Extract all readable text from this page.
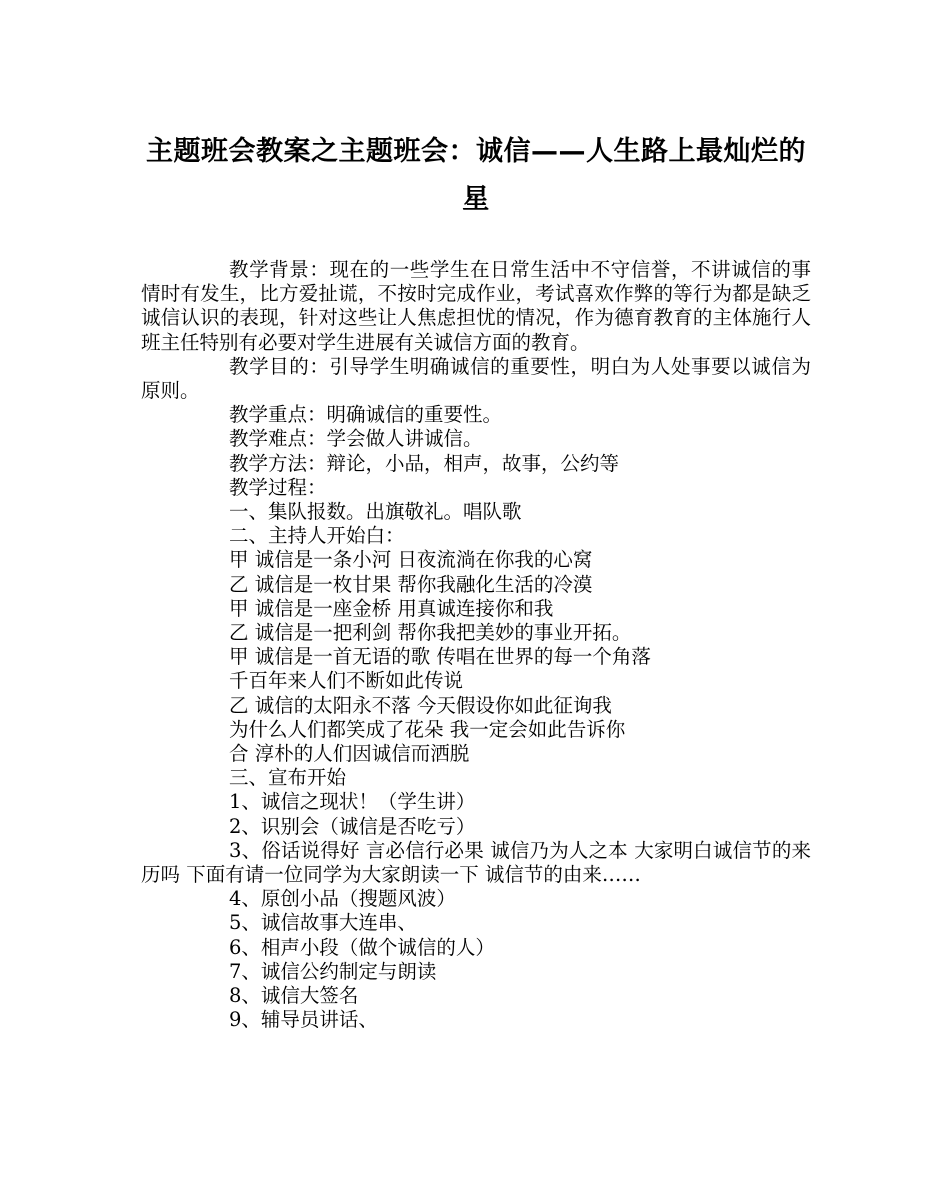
主题班会教案之主题班会：诚信——人生路上最灿烂的星

教学背景：现在的一些学生在日常生活中不守信誉，不讲诚信的事情时有发生，比方爱扯谎，不按时完成作业，考试喜欢作弊的等行为都是缺乏诚信认识的表现，针对这些让人焦虑担忧的情况，作为德育教育的主体施行人班主任特别有必要对学生进展有关诚信方面的教育。

教学目的：引导学生明确诚信的重要性，明白为人处事要以诚信为原则。

教学重点：明确诚信的重要性。

教学难点：学会做人讲诚信。

教学方法：辩论，小品，相声，故事，公约等

教学过程：

一、集队报数。出旗敬礼。唱队歌

二、主持人开始白：

甲 诚信是一条小河 日夜流淌在你我的心窝

乙 诚信是一枚甘果 帮你我融化生活的冷漠

甲 诚信是一座金桥 用真诚连接你和我

乙 诚信是一把利剑 帮你我把美妙的事业开拓。

甲 诚信是一首无语的歌 传唱在世界的每一个角落

千百年来人们不断如此传说

乙 诚信的太阳永不落 今天假设你如此征询我

为什么人们都笑成了花朵 我一定会如此告诉你

合 淳朴的人们因诚信而洒脱

三、宣布开始

1、诚信之现状！（学生讲）

2、识别会（诚信是否吃亏）

3、俗话说得好 言必信行必果 诚信乃为人之本 大家明白诚信节的来历吗 下面有请一位同学为大家朗读一下 诚信节的由来……

4、原创小品（搜题风波）

5、诚信故事大连串、

6、相声小段（做个诚信的人）

7、诚信公约制定与朗读

8、诚信大签名

9、辅导员讲话、
